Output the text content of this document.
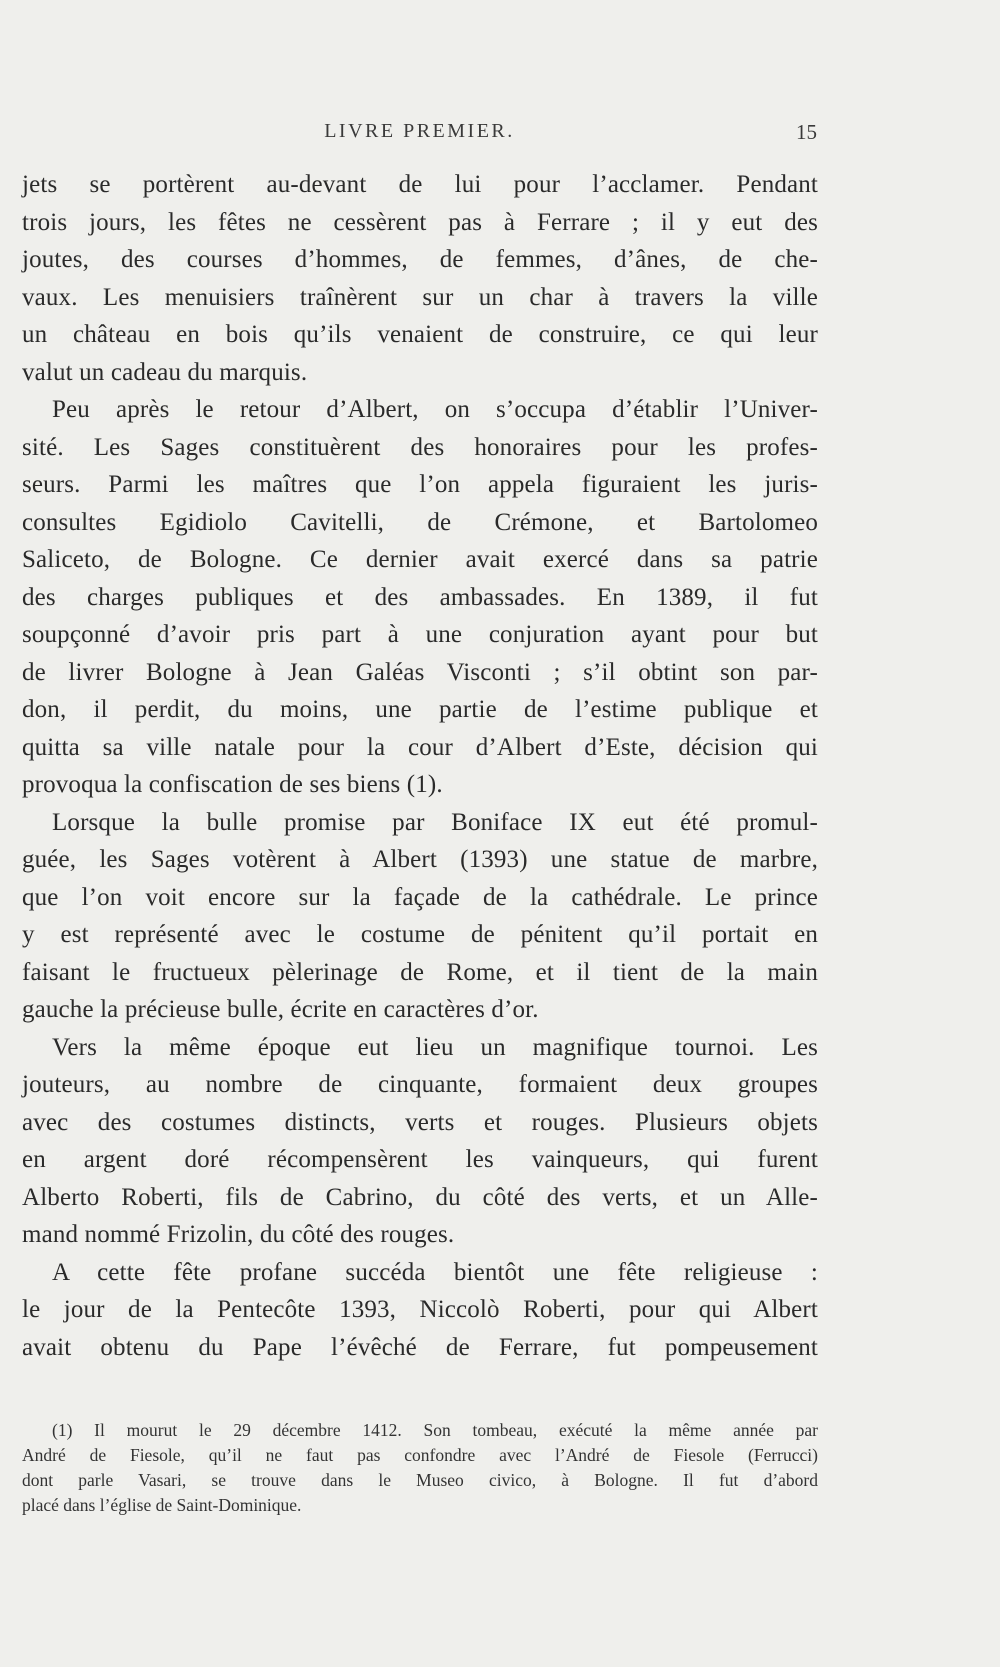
LIVRE PREMIER.	15
jets se portèrent au-devant de lui pour l’acclamer. Pendant
trois jours, les fêtes ne cessèrent pas à Ferrare ; il y eut des
joutes, des courses d’hommes, de femmes, d’ânes, de che-
vaux. Les menuisiers traînèrent sur un char à travers la ville
un château en bois qu’ils venaient de construire, ce qui leur
valut un cadeau du marquis.
Peu après le retour d’Albert, on s’occupa d’établir l’Univer-
sité. Les Sages constituèrent des honoraires pour les profes-
seurs. Parmi les maîtres que l’on appela figuraient les juris-
consultes Egidiolo Cavitelli, de Crémone, et Bartolomeo
Saliceto, de Bologne. Ce dernier avait exercé dans sa patrie
des charges publiques et des ambassades. En 1389, il fut
soupçonné d’avoir pris part à une conjuration ayant pour but
de livrer Bologne à Jean Galéas Visconti ; s’il obtint son par-
don, il perdit, du moins, une partie de l’estime publique et
quitta sa ville natale pour la cour d’Albert d’Este, décision qui
provoqua la confiscation de ses biens (1).
Lorsque la bulle promise par Boniface IX eut été promul-
guée, les Sages votèrent à Albert (1393) une statue de marbre,
que l’on voit encore sur la façade de la cathédrale. Le prince
y est représenté avec le costume de pénitent qu’il portait en
faisant le fructueux pèlerinage de Rome, et il tient de la main
gauche la précieuse bulle, écrite en caractères d’or.
Vers la même époque eut lieu un magnifique tournoi. Les
jouteurs, au nombre de cinquante, formaient deux groupes
avec des costumes distincts, verts et rouges. Plusieurs objets
en argent doré récompensèrent les vainqueurs, qui furent
Alberto Roberti, fils de Cabrino, du côté des verts, et un Alle-
mand nommé Frizolin, du côté des rouges.
A cette fête profane succéda bientôt une fête religieuse :
le jour de la Pentecôte 1393, Niccolò Roberti, pour qui Albert
avait obtenu du Pape l’évêché de Ferrare, fut pompeusement
(1) Il mourut le 29 décembre 1412. Son tombeau, exécuté la même année par
André de Fiesole, qu’il ne faut pas confondre avec l’André de Fiesole (Ferrucci)
dont parle Vasari, se trouve dans le Museo civico, à Bologne. Il fut d’abord
placé dans l’église de Saint-Dominique.
